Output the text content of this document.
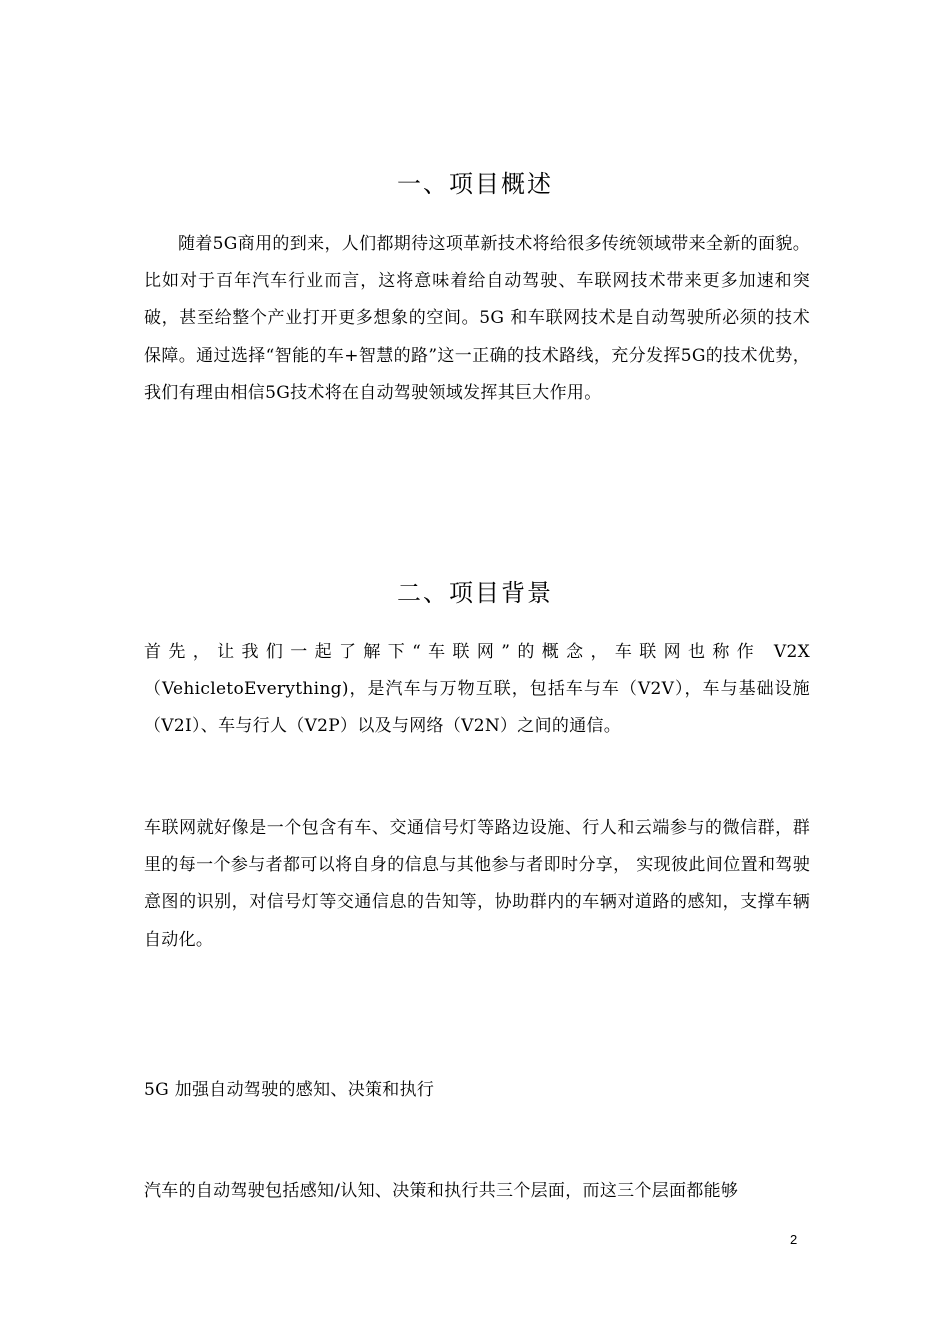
一、项目概述
随着5G商用的到来，人们都期待这项革新技术将给很多传统领域带来全新的面貌。比如对于百年汽车行业而言，这将意味着给自动驾驶、车联网技术带来更多加速和突破，甚至给整个产业打开更多想象的空间。5G 和车联网技术是自动驾驶所必须的技术保障。通过选择“智能的车+智慧的路”这一正确的技术路线，充分发挥5G的技术优势，我们有理由相信5G技术将在自动驾驶领域发挥其巨大作用。
二、项目背景
首先，让我们一起了解下“车联网”的概念，车联网也称作 V2X（VehicletoEverything)，是汽车与万物互联，包括车与车（V2V），车与基础设施（V2I）、车与行人（V2P）以及与网络（V2N）之间的通信。
车联网就好像是一个包含有车、交通信号灯等路边设施、行人和云端参与的微信群，群里的每一个参与者都可以将自身的信息与其他参与者即时分享， 实现彼此间位置和驾驶意图的识别，对信号灯等交通信息的告知等，协助群内的车辆对道路的感知，支撑车辆自动化。
5G 加强自动驾驶的感知、决策和执行
汽车的自动驾驶包括感知/认知、决策和执行共三个层面，而这三个层面都能够
2
